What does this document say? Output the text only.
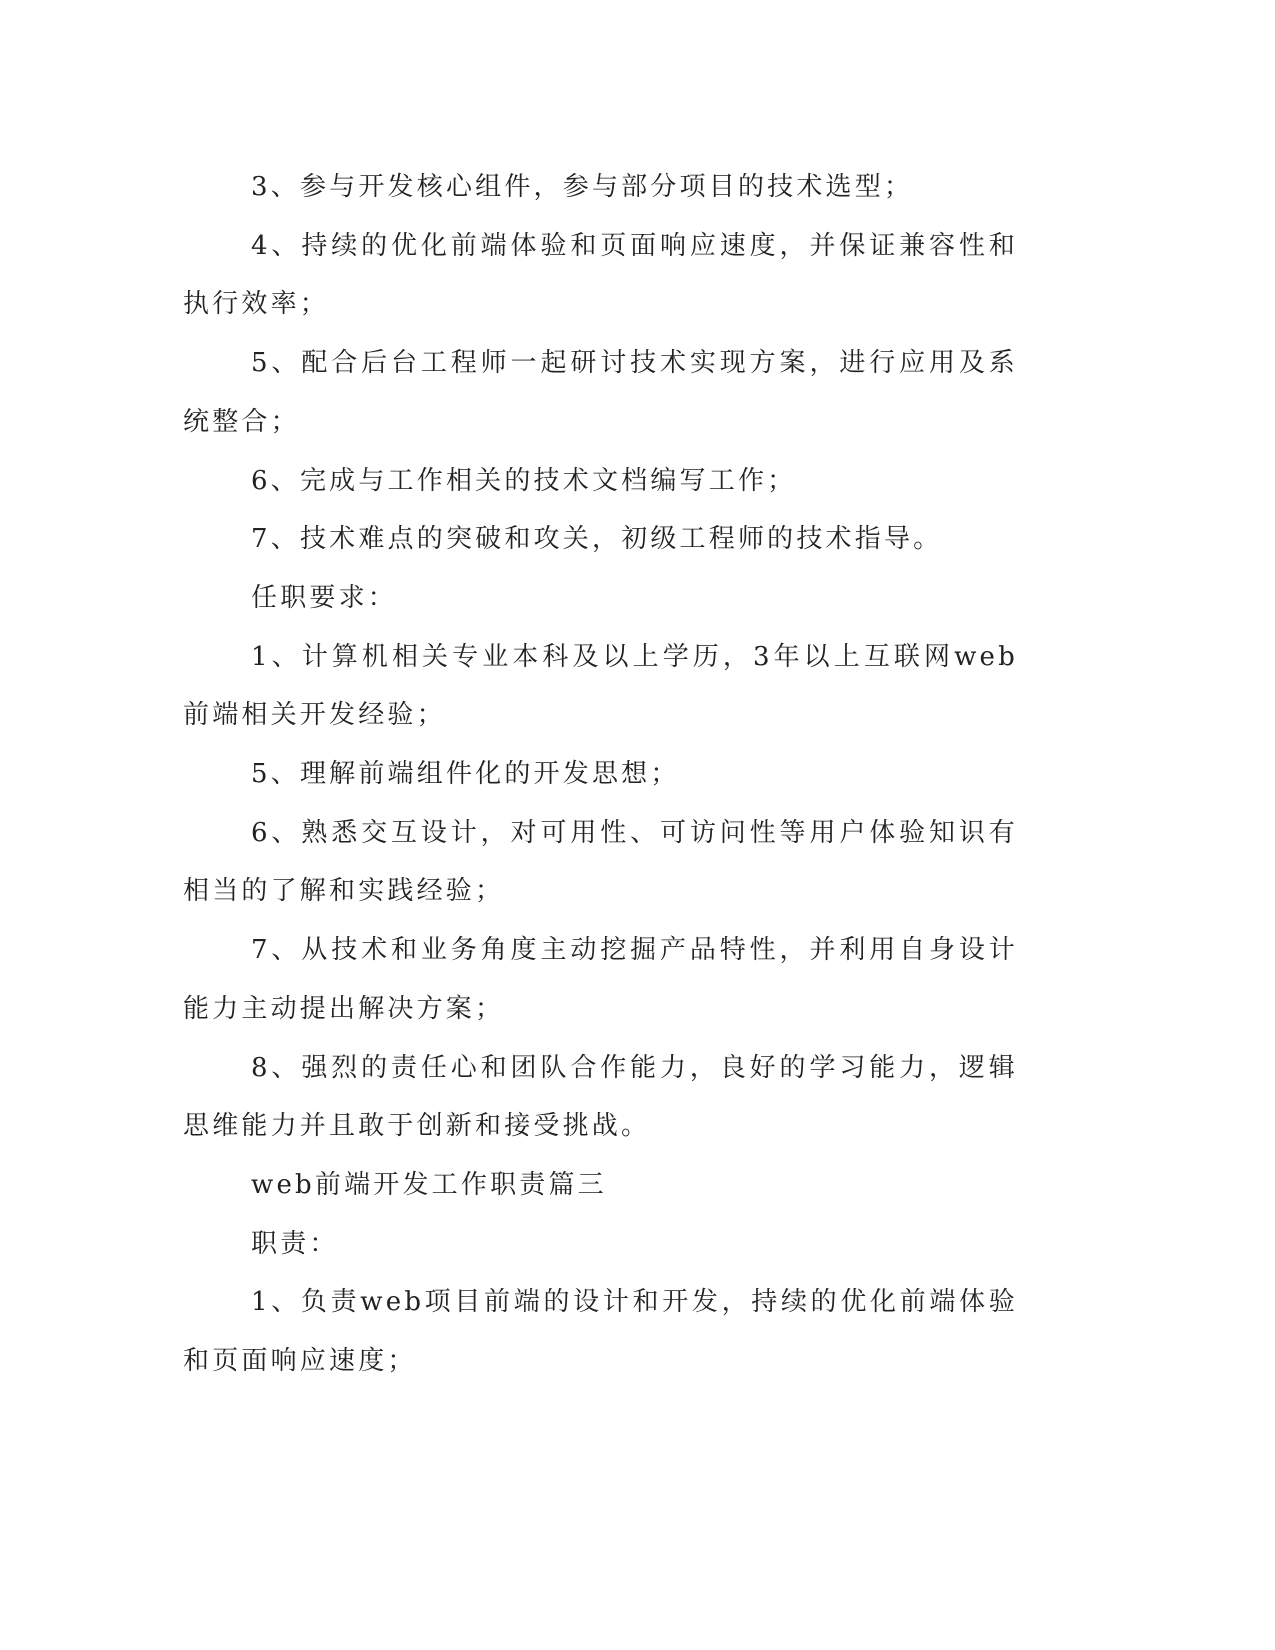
3、参与开发核心组件，参与部分项目的技术选型；

4、持续的优化前端体验和页面响应速度，并保证兼容性和执行效率；

5、配合后台工程师一起研讨技术实现方案，进行应用及系统整合；

6、完成与工作相关的技术文档编写工作；

7、技术难点的突破和攻关，初级工程师的技术指导。

任职要求：

1、计算机相关专业本科及以上学历，3年以上互联网web前端相关开发经验；

5、理解前端组件化的开发思想；

6、熟悉交互设计，对可用性、可访问性等用户体验知识有相当的了解和实践经验；

7、从技术和业务角度主动挖掘产品特性，并利用自身设计能力主动提出解决方案；

8、强烈的责任心和团队合作能力，良好的学习能力，逻辑思维能力并且敢于创新和接受挑战。

web前端开发工作职责篇三

职责：

1、负责web项目前端的设计和开发，持续的优化前端体验和页面响应速度；
